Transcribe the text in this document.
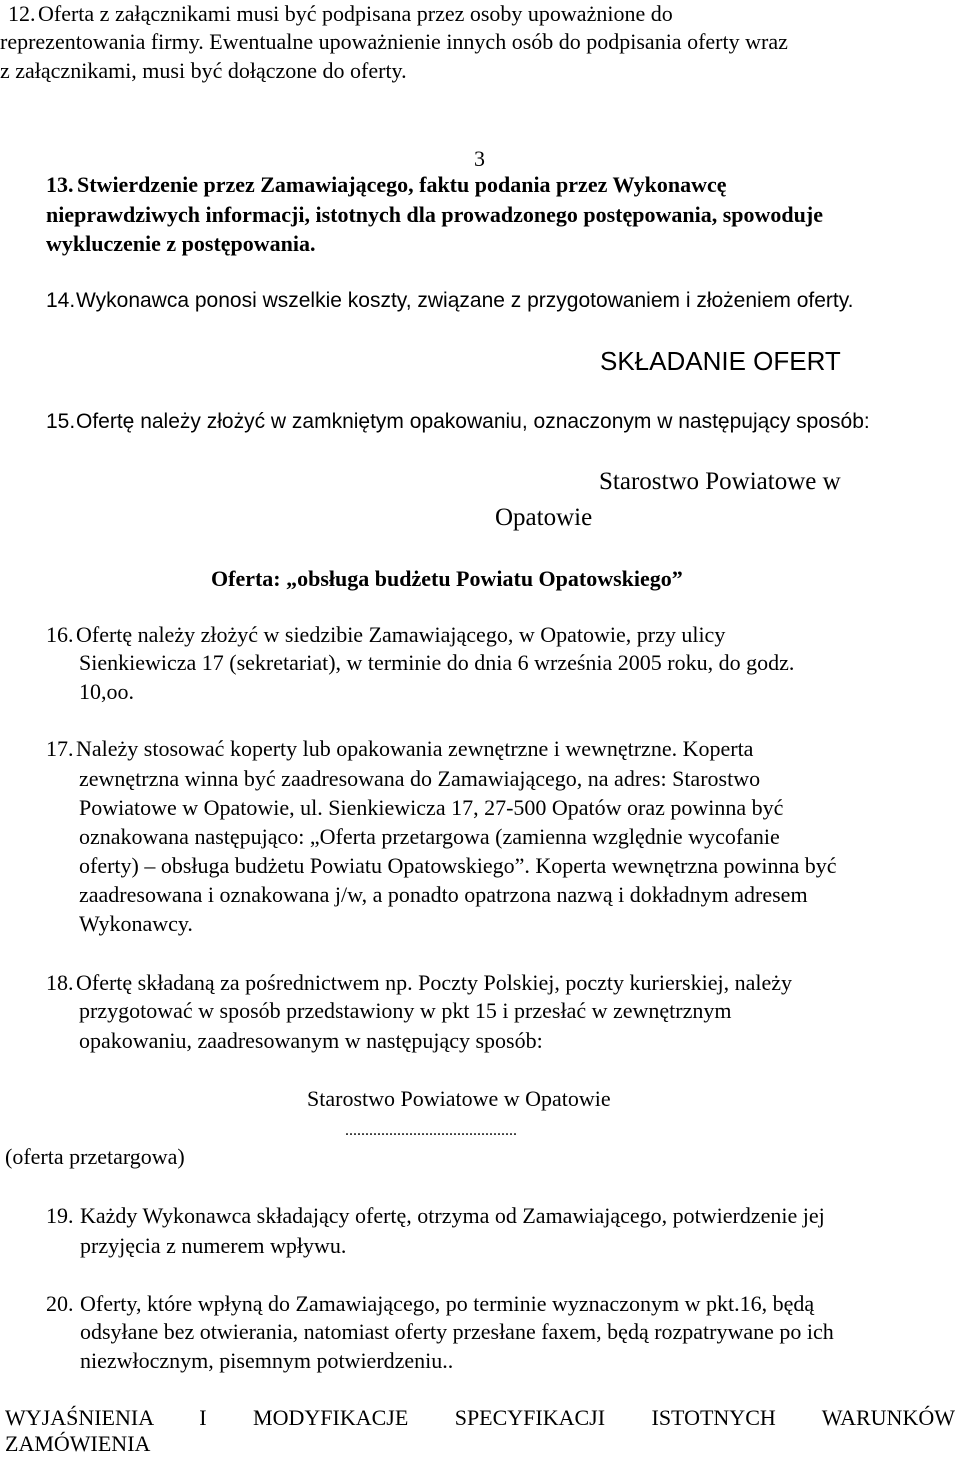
12. Oferta z załącznikami musi być podpisana przez osoby upoważnione do
reprezentowania firmy. Ewentualne upoważnienie innych osób do podpisania oferty wraz
z załącznikami, musi być dołączone do oferty.
3
13. Stwierdzenie przez Zamawiającego, faktu podania przez Wykonawcę
nieprawdziwych informacji, istotnych dla prowadzonego postępowania, spowoduje
wykluczenie z postępowania.
14. Wykonawca ponosi wszelkie koszty, związane z przygotowaniem i złożeniem oferty.
SKŁADANIE OFERT
15. Ofertę należy złożyć w zamkniętym opakowaniu, oznaczonym w następujący sposób:
Starostwo Powiatowe w
Opatowie
Oferta: „obsługa budżetu Powiatu Opatowskiego”
16. Ofertę należy złożyć w siedzibie Zamawiającego, w Opatowie, przy ulicy
Sienkiewicza 17 (sekretariat), w terminie do dnia 6 września 2005 roku, do godz.
10,oo.
17. Należy stosować koperty lub opakowania zewnętrzne i wewnętrzne. Koperta
zewnętrzna winna być zaadresowana do Zamawiającego, na adres: Starostwo
Powiatowe w Opatowie, ul. Sienkiewicza 17, 27-500 Opatów oraz powinna być
oznakowana następująco: „Oferta przetargowa (zamienna względnie wycofanie
oferty) – obsługa budżetu Powiatu Opatowskiego”. Koperta wewnętrzna powinna być
zaadresowana i oznakowana j/w, a ponadto opatrzona nazwą i dokładnym adresem
Wykonawcy.
18. Ofertę składaną za pośrednictwem np. Poczty Polskiej, poczty kurierskiej, należy
przygotować w sposób przedstawiony w pkt 15 i przesłać w zewnętrznym
opakowaniu, zaadresowanym w następujący sposób:
Starostwo Powiatowe w Opatowie
...........................................
(oferta przetargowa)
19. Każdy Wykonawca składający ofertę, otrzyma od Zamawiającego, potwierdzenie jej
przyjęcia z numerem wpływu.
20. Oferty, które wpłyną do Zamawiającego, po terminie wyznaczonym w pkt.16, będą
odsyłane bez otwierania, natomiast oferty przesłane faxem, będą rozpatrywane po ich
niezwłocznym, pisemnym potwierdzeniu..
WYJAŚNIENIA I MODYFIKACJE SPECYFIKACJI ISTOTNYCH WARUNKÓW
ZAMÓWIENIA
